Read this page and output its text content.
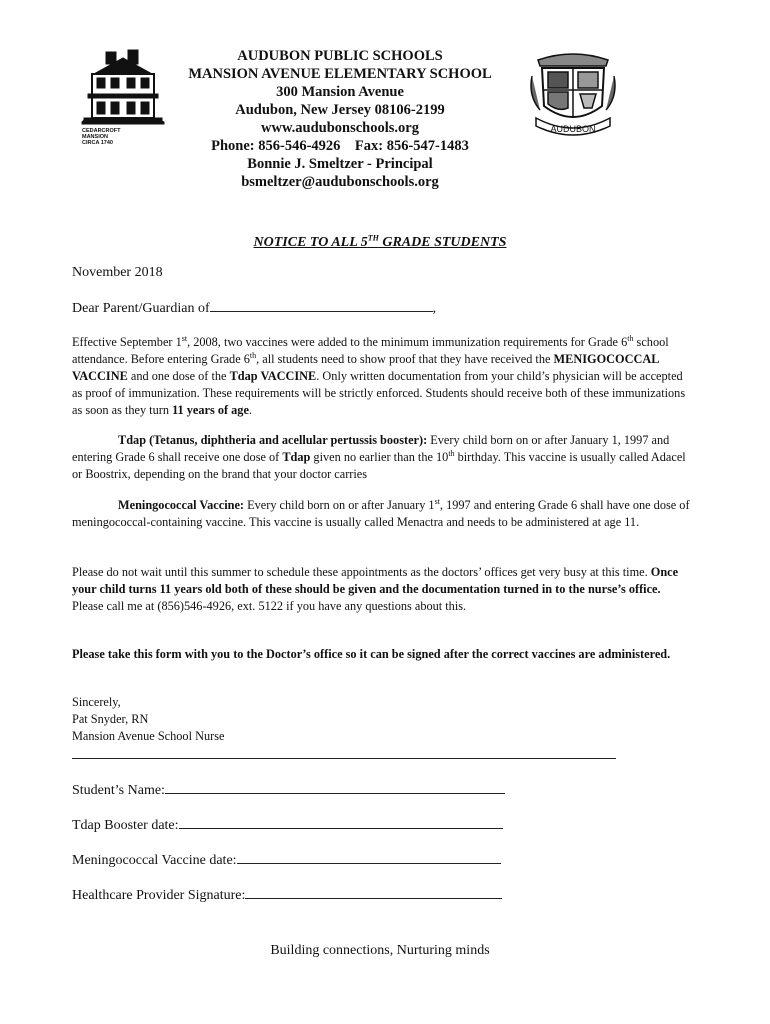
CEDARCROFT
MANSION
CIRCA 1740
AUDUBON PUBLIC SCHOOLS
MANSION AVENUE ELEMENTARY SCHOOL
300 Mansion Avenue
Audubon, New Jersey 08106-2199
www.audubonschools.org
Phone: 856-546-4926 Fax: 856-547-1483
Bonnie J. Smeltzer - Principal
bsmeltzer@audubonschools.org
AUDUBON
NOTICE TO ALL 5TH GRADE STUDENTS
November 2018
Dear Parent/Guardian of	,
Effective September 1st, 2008, two vaccines were added to the minimum immunization requirements for Grade 6th school attendance. Before entering Grade 6th, all students need to show proof that they have received the MENIGOCOCCAL VACCINE and one dose of the Tdap VACCINE. Only written documentation from your child’s physician will be accepted as proof of immunization. These requirements will be strictly enforced. Students should receive both of these immunizations as soon as they turn 11 years of age.
Tdap (Tetanus, diphtheria and acellular pertussis booster): Every child born on or after January 1, 1997 and entering Grade 6 shall receive one dose of Tdap given no earlier than the 10th birthday. This vaccine is usually called Adacel or Boostrix, depending on the brand that your doctor carries
Meningococcal Vaccine: Every child born on or after January 1st, 1997 and entering Grade 6 shall have one dose of meningococcal-containing vaccine. This vaccine is usually called Menactra and needs to be administered at age 11.
Please do not wait until this summer to schedule these appointments as the doctors’ offices get very busy at this time. Once your child turns 11 years old both of these should be given and the documentation turned in to the nurse’s office. Please call me at (856)546-4926, ext. 5122 if you have any questions about this.
Please take this form with you to the Doctor’s office so it can be signed after the correct vaccines are administered.
Sincerely,
Pat Snyder, RN
Mansion Avenue School Nurse
Student’s Name:
Tdap Booster date:
Meningococcal Vaccine date:
Healthcare Provider Signature:
Building connections, Nurturing minds
